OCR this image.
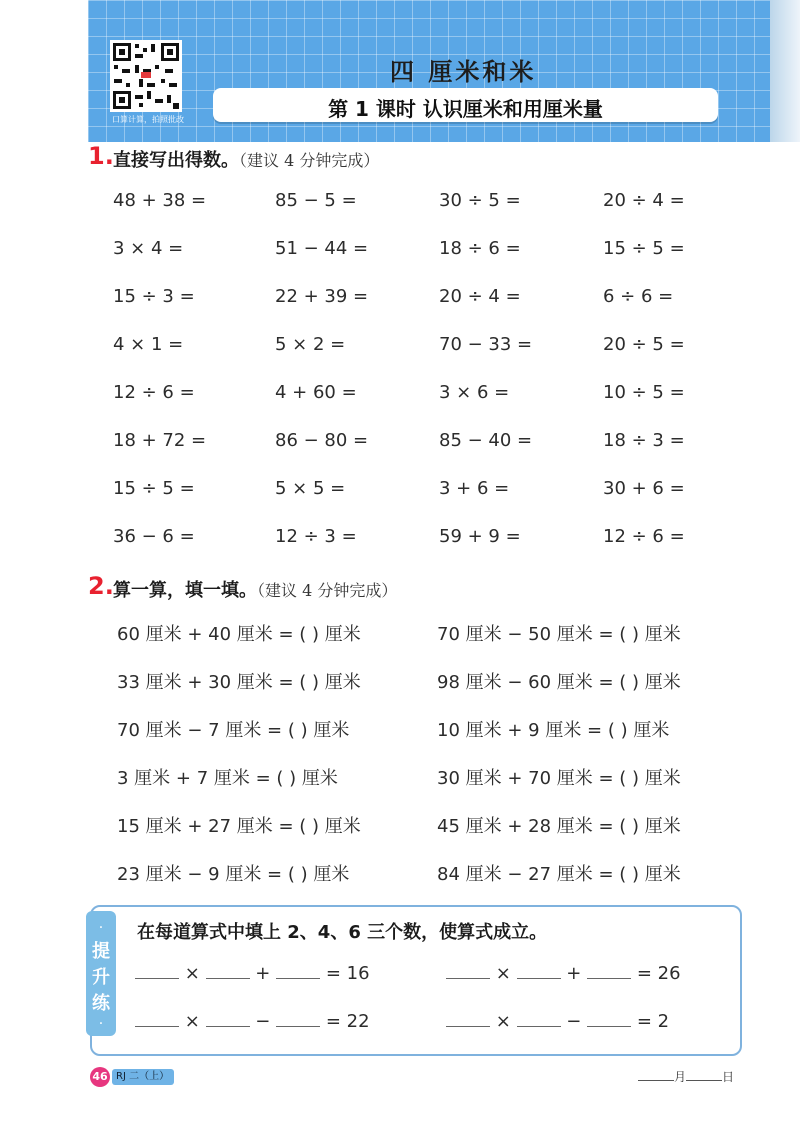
口算计算，拍照批改
四 厘米和米
第 1 课时 认识厘米和用厘米量
1. 直接写出得数。（建议 4 分钟完成）
48 + 38 =	85 − 5 =	30 ÷ 5 =	20 ÷ 4 =
3 × 4 =	51 − 44 =	18 ÷ 6 =	15 ÷ 5 =
15 ÷ 3 =	22 + 39 =	20 ÷ 4 =	6 ÷ 6 =
4 × 1 =	5 × 2 =	70 − 33 =	20 ÷ 5 =
12 ÷ 6 =	4 + 60 =	3 × 6 =	10 ÷ 5 =
18 + 72 =	86 − 80 =	85 − 40 =	18 ÷ 3 =
15 ÷ 5 =	5 × 5 =	3 + 6 =	30 + 6 =
36 − 6 =	12 ÷ 3 =	59 + 9 =	12 ÷ 6 =
2. 算一算，填一填。（建议 4 分钟完成）
60 厘米 + 40 厘米 = ( ) 厘米	70 厘米 − 50 厘米 = ( ) 厘米
33 厘米 + 30 厘米 = ( ) 厘米	98 厘米 − 60 厘米 = ( ) 厘米
70 厘米 − 7 厘米 = ( ) 厘米	10 厘米 + 9 厘米 = ( ) 厘米
3 厘米 + 7 厘米 = ( ) 厘米	30 厘米 + 70 厘米 = ( ) 厘米
15 厘米 + 27 厘米 = ( ) 厘米	45 厘米 + 28 厘米 = ( ) 厘米
23 厘米 − 9 厘米 = ( ) 厘米	84 厘米 − 27 厘米 = ( ) 厘米
·
提升练
·
在每道算式中填上 2、4、6 三个数，使算式成立。
×	+	= 16	×	+	= 26
×	−	= 22	×	−	= 2
46 RJ 二（上）	月	日
